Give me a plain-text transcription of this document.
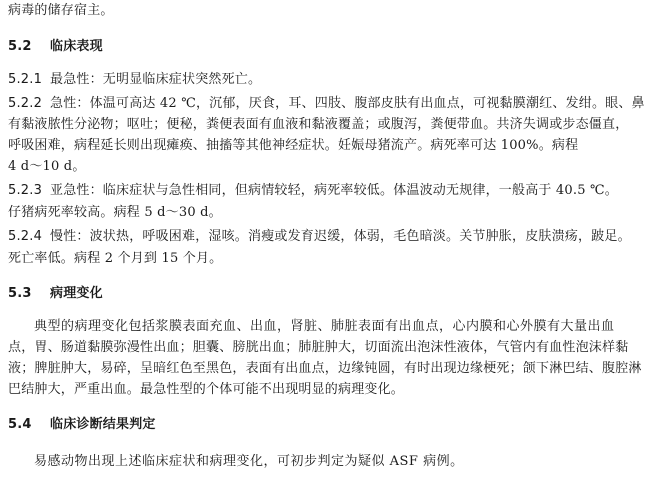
病毒的储存宿主。
5.2 临床表现
5.2.1 最急性：无明显临床症状突然死亡。
5.2.2 急性：体温可高达 42 ℃，沉郁，厌食，耳、四肢、腹部皮肤有出血点，可视黏膜潮红、发绀。眼、鼻
有黏液脓性分泌物；呕吐；便秘，粪便表面有血液和黏液覆盖；或腹泻，粪便带血。共济失调或步态僵直，
呼吸困难，病程延长则出现瘫痪、抽搐等其他神经症状。妊娠母猪流产。病死率可达 100%。病程
4 d～10 d。
5.2.3 亚急性：临床症状与急性相同，但病情较轻，病死率较低。体温波动无规律，一般高于 40.5 ℃。
仔猪病死率较高。病程 5 d～30 d。
5.2.4 慢性：波状热，呼吸困难，湿咳。消瘦或发育迟缓，体弱，毛色暗淡。关节肿胀，皮肤溃疡，跛足。
死亡率低。病程 2 个月到 15 个月。
5.3 病理变化
典型的病理变化包括浆膜表面充血、出血，肾脏、肺脏表面有出血点，心内膜和心外膜有大量出血
点，胃、肠道黏膜弥漫性出血；胆囊、膀胱出血；肺脏肿大，切面流出泡沫性液体，气管内有血性泡沫样黏
液；脾脏肿大，易碎，呈暗红色至黑色，表面有出血点，边缘钝圆，有时出现边缘梗死；颌下淋巴结、腹腔淋
巴结肿大，严重出血。最急性型的个体可能不出现明显的病理变化。
5.4 临床诊断结果判定
易感动物出现上述临床症状和病理变化，可初步判定为疑似 ASF 病例。
